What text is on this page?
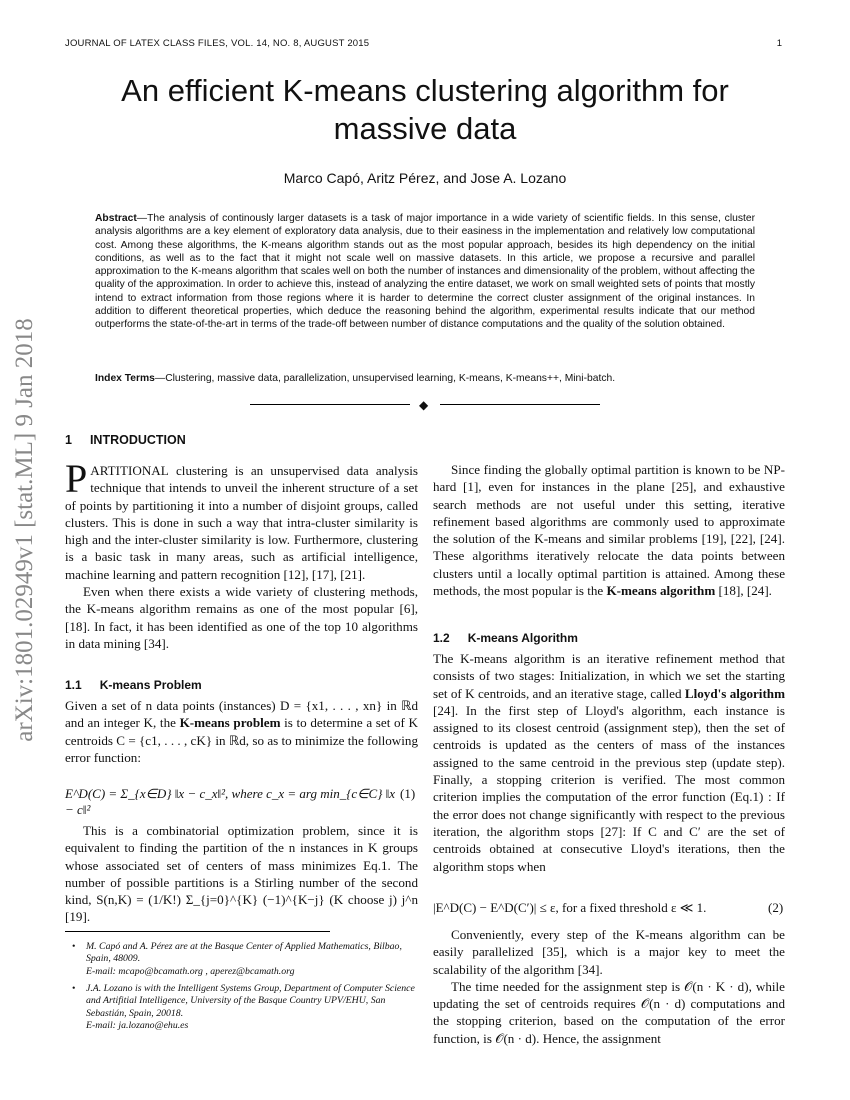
JOURNAL OF LATEX CLASS FILES, VOL. 14, NO. 8, AUGUST 2015	1
An efficient K-means clustering algorithm for
massive data
Marco Capó, Aritz Pérez, and Jose A. Lozano
Abstract—The analysis of continously larger datasets is a task of major importance in a wide variety of scientific fields. In this sense, cluster analysis algorithms are a key element of exploratory data analysis, due to their easiness in the implementation and relatively low computational cost. Among these algorithms, the K-means algorithm stands out as the most popular approach, besides its high dependency on the initial conditions, as well as to the fact that it might not scale well on massive datasets. In this article, we propose a recursive and parallel approximation to the K-means algorithm that scales well on both the number of instances and dimensionality of the problem, without affecting the quality of the approximation. In order to achieve this, instead of analyzing the entire dataset, we work on small weighted sets of points that mostly intend to extract information from those regions where it is harder to determine the correct cluster assignment of the original instances. In addition to different theoretical properties, which deduce the reasoning behind the algorithm, experimental results indicate that our method outperforms the state-of-the-art in terms of the trade-off between number of distance computations and the quality of the solution obtained.
Index Terms—Clustering, massive data, parallelization, unsupervised learning, K-means, K-means++, Mini-batch.
◆
arXiv:1801.02949v1 [stat.ML] 9 Jan 2018 1 INTRODUCTION

PARTITIONAL clustering is an unsupervised data analysis technique that intends to unveil the inherent structure of a set of points by partitioning it into a number of disjoint groups, called clusters. This is done in such a way that intra-cluster similarity is high and the inter-cluster similarity is low. Furthermore, clustering is a basic task in many areas, such as artificial intelligence, machine learning and pattern recognition [12], [17], [21].

Even when there exists a wide variety of clustering methods, the K-means algorithm remains as one of the most popular [6], [18]. In fact, it has been identified as one of the top 10 algorithms in data mining [34].

1.1 K-means Problem

Given a set of n data points (instances) D = {x1, . . . , xn} in ℝd and an integer K, the K-means problem is to determine a set of K centroids C = {c1, . . . , cK} in ℝd, so as to minimize the following error function:

E^D(C) = Σ_{x∈D} ‖x − c_x‖², where c_x = arg min_{c∈C} ‖x − c‖²
(1)

This is a combinatorial optimization problem, since it is equivalent to finding the partition of the n instances in K groups whose associated set of centers of mass minimizes Eq.1. The number of possible partitions is a Stirling number of the second kind, S(n,K) = (1/K!) Σ_{j=0}^{K} (−1)^{K−j} (K choose j) j^n [19].

• M. Capó and A. Pérez are at the Basque Center of Applied Mathematics, Bilbao, Spain, 48009.
E-mail: mcapo@bcamath.org , aperez@bcamath.org
• J.A. Lozano is with the Intelligent Systems Group, Department of Computer Science and Artifitial Intelligence, University of the Basque Country UPV/EHU, San Sebastián, Spain, 20018.
E-mail: ja.lozano@ehu.es

Since finding the globally optimal partition is known to be NP-hard [1], even for instances in the plane [25], and exhaustive search methods are not useful under this setting, iterative refinement based algorithms are commonly used to approximate the solution of the K-means and similar problems [19], [22], [24]. These algorithms iteratively relocate the data points between clusters until a locally optimal partition is attained. Among these methods, the most popular is the K-means algorithm [18], [24].

1.2 K-means Algorithm

The K-means algorithm is an iterative refinement method that consists of two stages: Initialization, in which we set the starting set of K centroids, and an iterative stage, called Lloyd's algorithm [24]. In the first step of Lloyd's algorithm, each instance is assigned to its closest centroid (assignment step), then the set of centroids is updated as the centers of mass of the instances assigned to the same centroid in the previous step (update step). Finally, a stopping criterion is verified. The most common criterion implies the computation of the error function (Eq.1) : If the error does not change significantly with respect to the previous iteration, the algorithm stops [27]: If C and C′ are the set of centroids obtained at consecutive Lloyd's iterations, then the algorithm stops when

|E^D(C) − E^D(C′)| ≤ ε, for a fixed threshold ε ≪ 1.	(2)

Conveniently, every step of the K-means algorithm can be easily parallelized [35], which is a major key to meet the scalability of the algorithm [34].

The time needed for the assignment step is 𝒪(n · K · d), while updating the set of centroids requires 𝒪(n · d) computations and the stopping criterion, based on the computation of the error function, is 𝒪(n · d). Hence, the assignment
